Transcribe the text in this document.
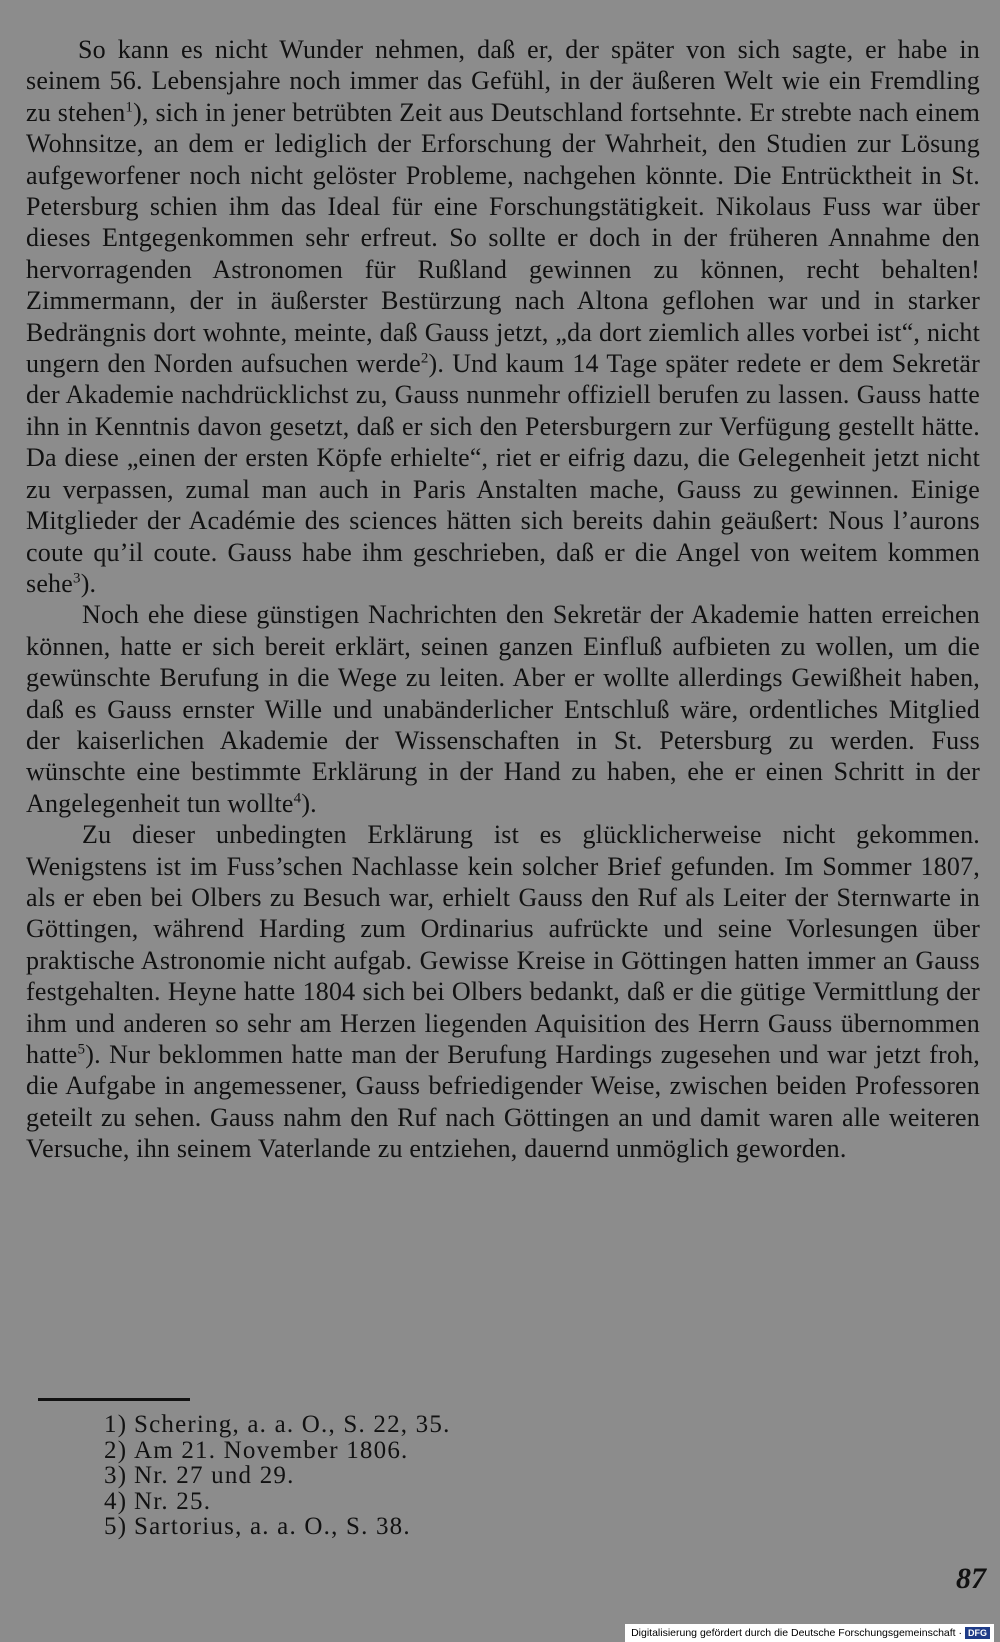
So kann es nicht Wunder nehmen, daß er, der später von sich sagte, er habe in seinem 56. Lebensjahre noch immer das Gefühl, in der äußeren Welt wie ein Fremdling zu stehen$^1$), sich in jener betrübten Zeit aus Deutschland fortsehnte. Er strebte nach einem Wohnsitze, an dem er lediglich der Erforschung der Wahrheit, den Studien zur Lösung aufgeworfener noch nicht gelöster Probleme, nachgehen könnte. Die Entrücktheit in St. Petersburg schien ihm das Ideal für eine Forschungstätigkeit. Nikolaus Fuss war über dieses Entgegenkommen sehr erfreut. So sollte er doch in der früheren Annahme den hervorragenden Astronomen für Rußland gewinnen zu können, recht behalten! Zimmermann, der in äußerster Bestürzung nach Altona geflohen war und in starker Bedrängnis dort wohnte, meinte, daß Gauss jetzt, „da dort ziemlich alles vorbei ist“, nicht ungern den Norden aufsuchen werde$^2$). Und kaum 14 Tage später redete er dem Sekretär der Akademie nachdrücklichst zu, Gauss nunmehr offiziell berufen zu lassen. Gauss hatte ihn in Kenntnis davon gesetzt, daß er sich den Petersburgern zur Verfügung gestellt hätte. Da diese „einen der ersten Köpfe erhielte“, riet er eifrig dazu, die Gelegenheit jetzt nicht zu verpassen, zumal man auch in Paris Anstalten mache, Gauss zu gewinnen. Einige Mitglieder der Académie des sciences hätten sich bereits dahin geäußert: Nous l’aurons coute qu’il coute. Gauss habe ihm geschrieben, daß er die Angel von weitem kommen sehe$^3$).

Noch ehe diese günstigen Nachrichten den Sekretär der Akademie hatten erreichen können, hatte er sich bereit erklärt, seinen ganzen Einfluß aufbieten zu wollen, um die gewünschte Berufung in die Wege zu leiten. Aber er wollte allerdings Gewißheit haben, daß es Gauss ernster Wille und unabänderlicher Entschluß wäre, ordentliches Mitglied der kaiserlichen Akademie der Wissenschaften in St. Petersburg zu werden. Fuss wünschte eine bestimmte Erklärung in der Hand zu haben, ehe er einen Schritt in der Angelegenheit tun wollte$^4$).

Zu dieser unbedingten Erklärung ist es glücklicherweise nicht gekommen. Wenigstens ist im Fuss’schen Nachlasse kein solcher Brief gefunden. Im Sommer 1807, als er eben bei Olbers zu Besuch war, erhielt Gauss den Ruf als Leiter der Sternwarte in Göttingen, während Harding zum Ordinarius aufrückte und seine Vorlesungen über praktische Astronomie nicht aufgab. Gewisse Kreise in Göttingen hatten immer an Gauss festgehalten. Heyne hatte 1804 sich bei Olbers bedankt, daß er die gütige Vermittlung der ihm und anderen so sehr am Herzen liegenden Aquisition des Herrn Gauss übernommen hatte$^5$). Nur beklommen hatte man der Berufung Hardings zugesehen und war jetzt froh, die Aufgabe in angemessener, Gauss befriedigender Weise, zwischen beiden Professoren geteilt zu sehen. Gauss nahm den Ruf nach Göttingen an und damit waren alle weiteren Versuche, ihn seinem Vaterlande zu entziehen, dauernd unmöglich geworden.

1) Schering, a. a. O., S. 22, 35.
2) Am 21. November 1806.
3) Nr. 27 und 29.
4) Nr. 25.
5) Sartorius, a. a. O., S. 38.
87
Digitalisierung gefördert durch die Deutsche Forschungsgemeinschaft · DFG
